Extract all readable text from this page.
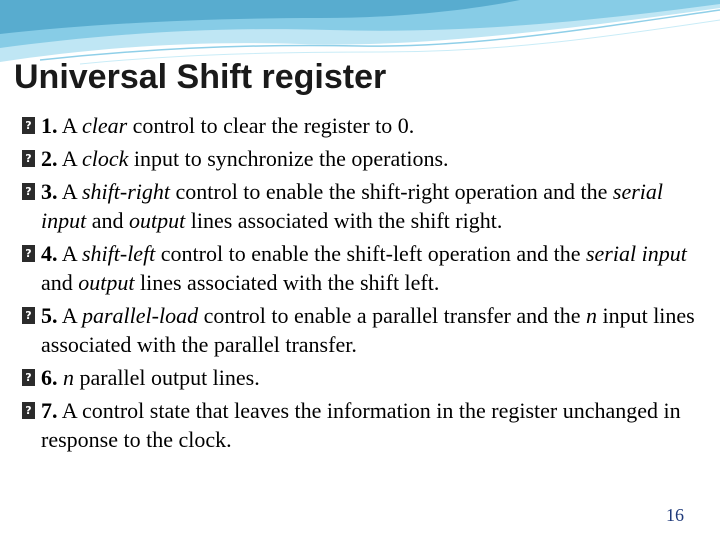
Universal Shift register
?
1. A clear control to clear the register to 0.
?
2. A clock input to synchronize the operations.
?
3. A shift‐right control to enable the shift‐right operation and the serial input and output lines associated with the shift right.
?
4. A shift‐left control to enable the shift‐left operation and the serial input and output lines associated with the shift left.
?
5. A parallel‐load control to enable a parallel transfer and the n input lines associated with the parallel transfer.
?
6. n parallel output lines.
?
7. A control state that leaves the information in the register unchanged in response to the clock.
16
